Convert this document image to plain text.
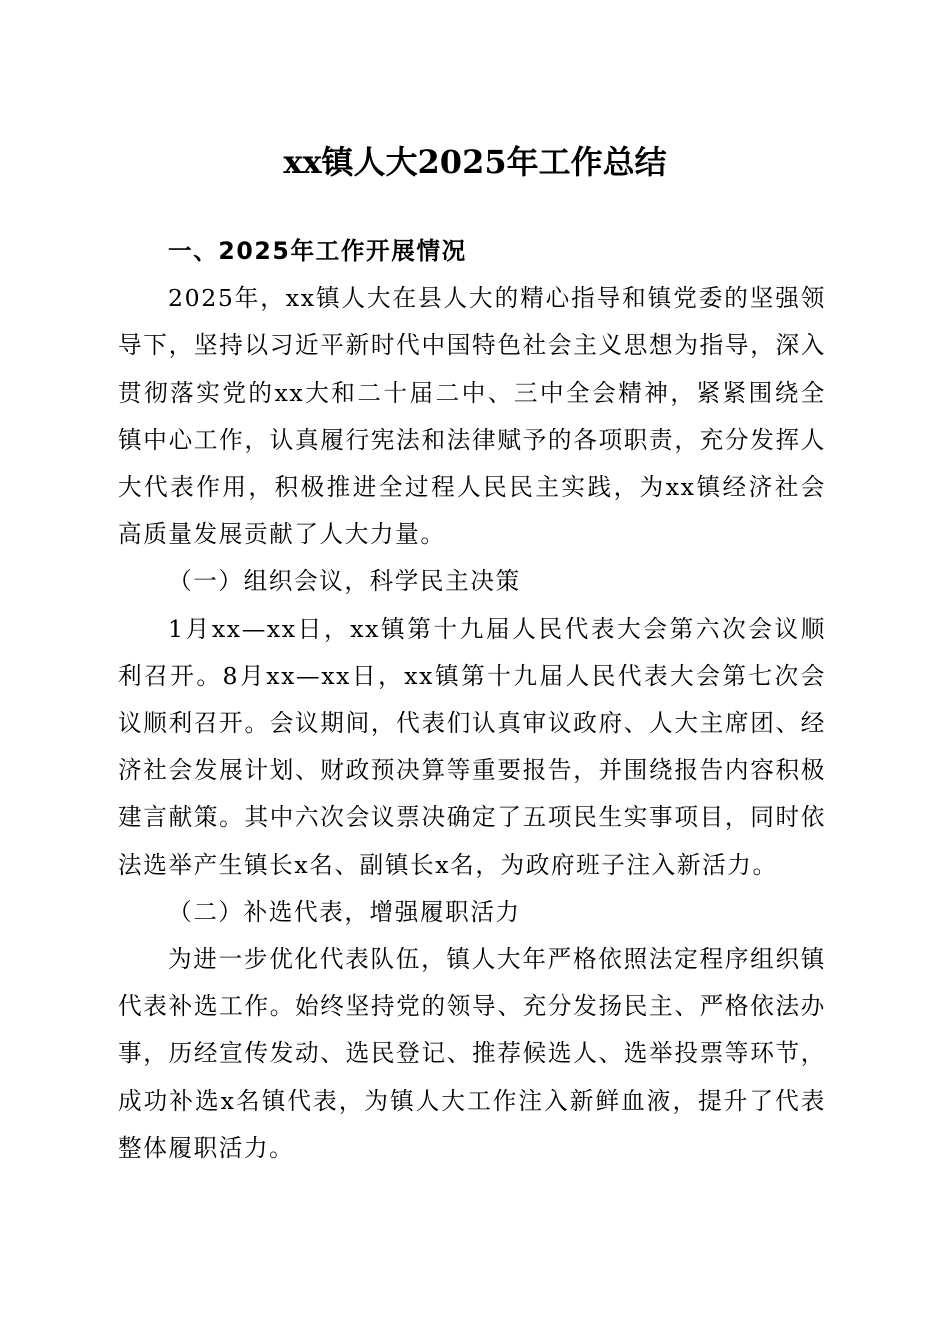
xx镇人大2025年工作总结

一、2025年工作开展情况

2025年，xx镇人大在县人大的精心指导和镇党委的坚强领导下，坚持以习近平新时代中国特色社会主义思想为指导，深入贯彻落实党的xx大和二十届二中、三中全会精神，紧紧围绕全镇中心工作，认真履行宪法和法律赋予的各项职责，充分发挥人大代表作用，积极推进全过程人民民主实践，为xx镇经济社会高质量发展贡献了人大力量。

（一）组织会议，科学民主决策

1月xx—xx日，xx镇第十九届人民代表大会第六次会议顺利召开。8月xx—xx日，xx镇第十九届人民代表大会第七次会议顺利召开。会议期间，代表们认真审议政府、人大主席团、经济社会发展计划、财政预决算等重要报告，并围绕报告内容积极建言献策。其中六次会议票决确定了五项民生实事项目，同时依法选举产生镇长x名、副镇长x名，为政府班子注入新活力。

（二）补选代表，增强履职活力

为进一步优化代表队伍，镇人大年严格依照法定程序组织镇代表补选工作。始终坚持党的领导、充分发扬民主、严格依法办事，历经宣传发动、选民登记、推荐候选人、选举投票等环节，成功补选x名镇代表，为镇人大工作注入新鲜血液，提升了代表整体履职活力。
